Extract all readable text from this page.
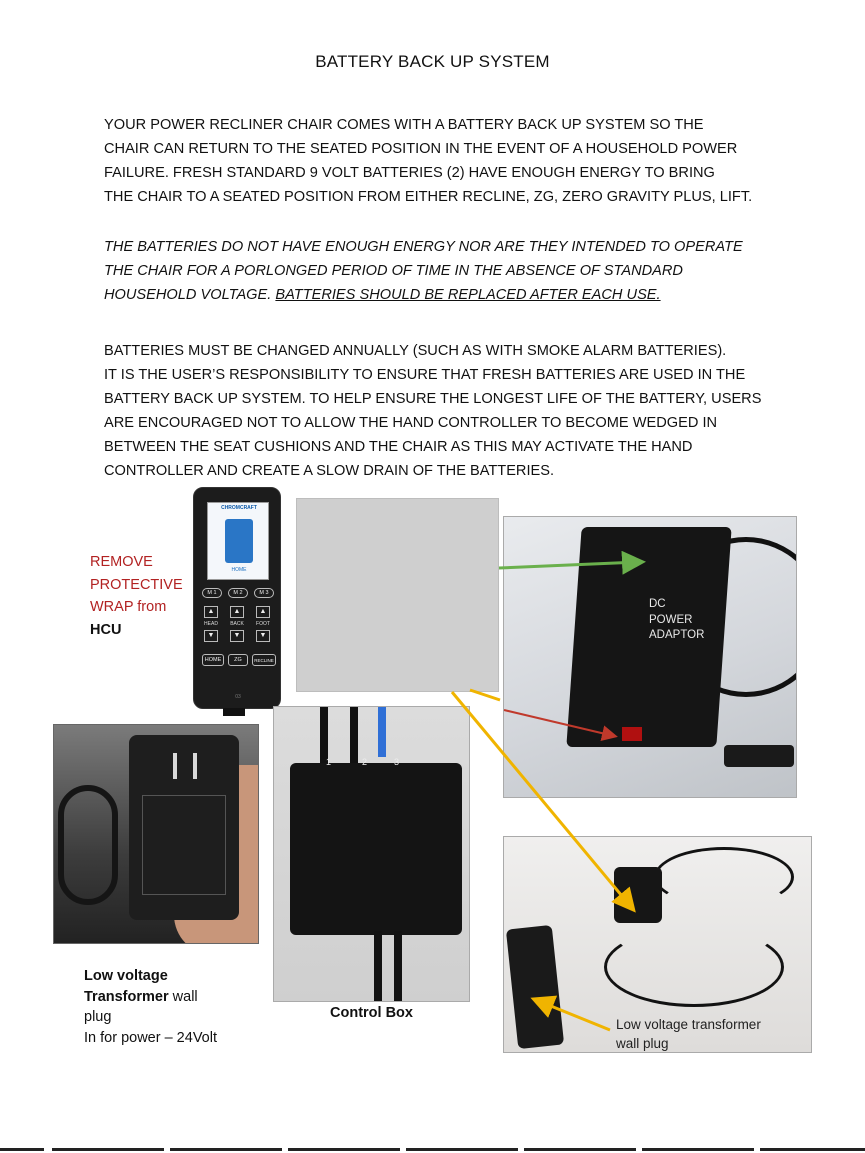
BATTERY BACK UP SYSTEM
YOUR POWER RECLINER CHAIR COMES WITH A BATTERY BACK UP SYSTEM SO THE
CHAIR CAN RETURN TO THE SEATED POSITION IN THE EVENT OF A HOUSEHOLD POWER
FAILURE. FRESH STANDARD 9 VOLT BATTERIES (2) HAVE ENOUGH ENERGY TO BRING
THE CHAIR TO A SEATED POSITION FROM EITHER RECLINE, ZG, ZERO GRAVITY PLUS, LIFT.
THE BATTERIES DO NOT HAVE ENOUGH ENERGY NOR ARE THEY INTENDED TO OPERATE
THE CHAIR FOR A PORLONGED PERIOD OF TIME IN THE ABSENCE OF STANDARD
HOUSEHOLD VOLTAGE. BATTERIES SHOULD BE REPLACED AFTER EACH USE.
BATTERIES MUST BE CHANGED ANNUALLY (SUCH AS WITH SMOKE ALARM BATTERIES).
IT IS THE USER’S RESPONSIBILITY TO ENSURE THAT FRESH BATTERIES ARE USED IN THE
BATTERY BACK UP SYSTEM. TO HELP ENSURE THE LONGEST LIFE OF THE BATTERY, USERS
ARE ENCOURAGED NOT TO ALLOW THE HAND CONTROLLER TO BECOME WEDGED IN
BETWEEN THE SEAT CUSHIONS AND THE CHAIR AS THIS MAY ACTIVATE THE HAND
CONTROLLER AND CREATE A SLOW DRAIN OF THE BATTERIES.
REMOVE
PROTECTIVE
WRAP from
HCU
CHROMCRAFT
HOME
M 1	M 2	M 3
▲	▲	▲
HEAD	BACK	FOOT
▼	▼	▼
HOME	ZG	RECLINE
03
DC
POWER
ADAPTOR
Low voltage
Transformer wall
plug
In for power – 24Volt
1	2	3
Control Box
Low voltage transformer
wall plug
